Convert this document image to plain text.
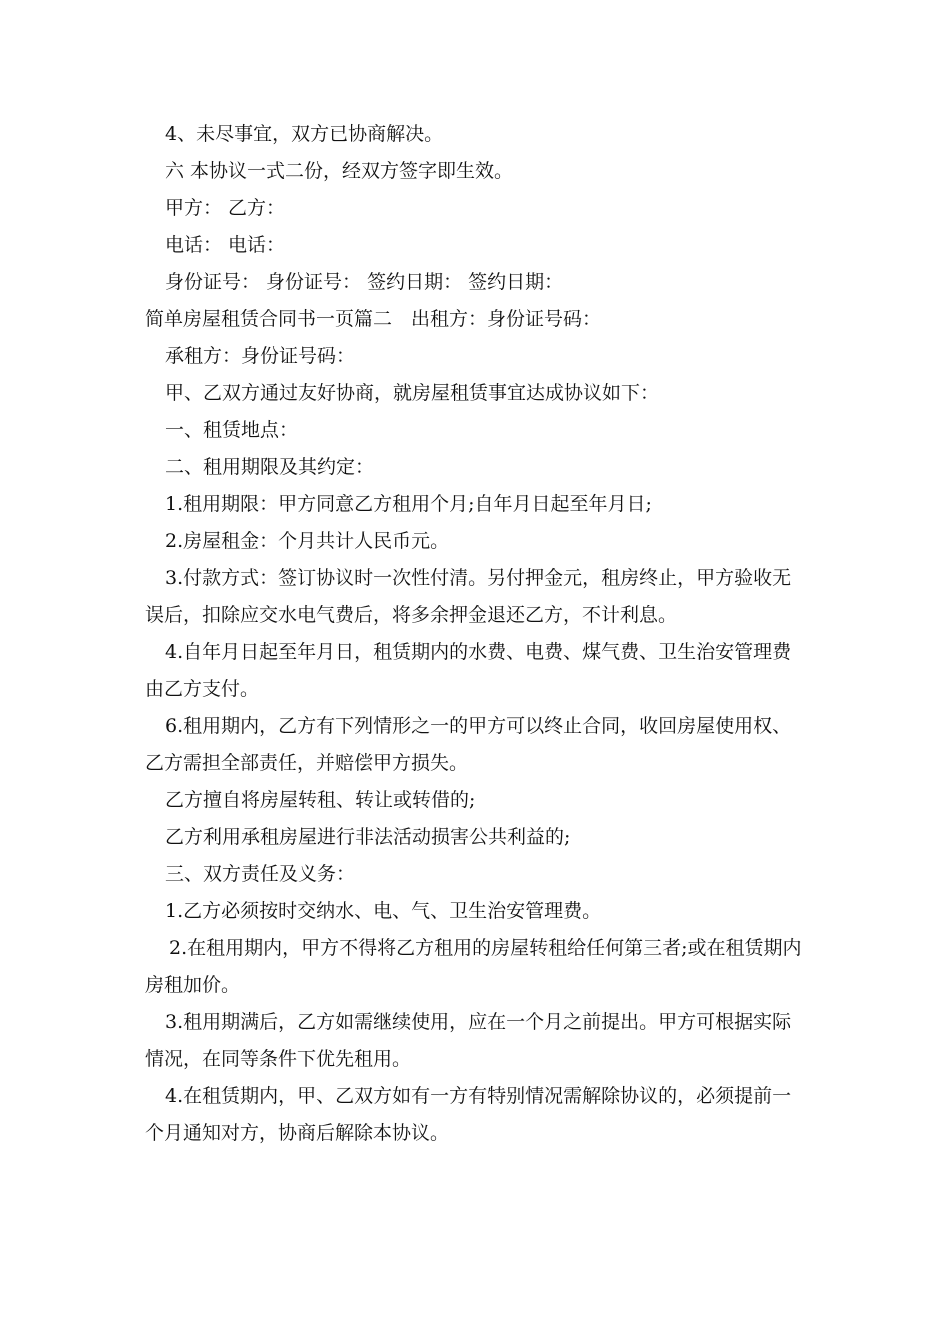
4、未尽事宜，双方已协商解决。

六 本协议一式二份，经双方签字即生效。

甲方： 乙方：

电话： 电话：

身份证号： 身份证号： 签约日期： 签约日期：

简单房屋租赁合同书一页篇二　出租方：身份证号码：

承租方：身份证号码：

甲、乙双方通过友好协商，就房屋租赁事宜达成协议如下：

一、租赁地点：

二、租用期限及其约定：

1.租用期限：甲方同意乙方租用个月;自年月日起至年月日;

2.房屋租金：个月共计人民币元。

3.付款方式：签订协议时一次性付清。另付押金元，租房终止，甲方验收无误后，扣除应交水电气费后，将多余押金退还乙方，不计利息。

4.自年月日起至年月日，租赁期内的水费、电费、煤气费、卫生治安管理费由乙方支付。

6.租用期内，乙方有下列情形之一的甲方可以终止合同，收回房屋使用权、乙方需担全部责任，并赔偿甲方损失。

乙方擅自将房屋转租、转让或转借的;

乙方利用承租房屋进行非法活动损害公共利益的;

三、双方责任及义务：

1.乙方必须按时交纳水、电、气、卫生治安管理费。

2.在租用期内，甲方不得将乙方租用的房屋转租给任何第三者;或在租赁期内房租加价。

3.租用期满后，乙方如需继续使用，应在一个月之前提出。甲方可根据实际情况，在同等条件下优先租用。

4.在租赁期内，甲、乙双方如有一方有特别情况需解除协议的，必须提前一个月通知对方，协商后解除本协议。
